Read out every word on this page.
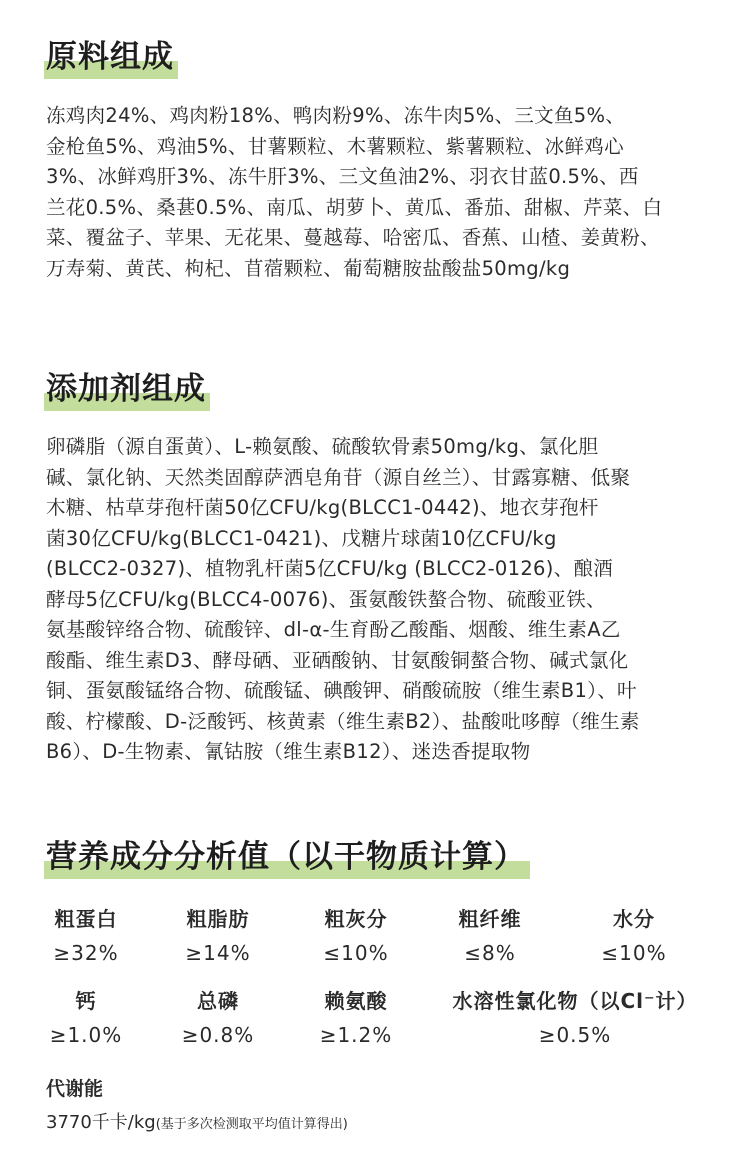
原料组成

冻鸡肉24%、鸡肉粉18%、鸭肉粉9%、冻牛肉5%、三文鱼5%、
金枪鱼5%、鸡油5%、甘薯颗粒、木薯颗粒、紫薯颗粒、冰鲜鸡心
3%、冰鲜鸡肝3%、冻牛肝3%、三文鱼油2%、羽衣甘蓝0.5%、西
兰花0.5%、桑葚0.5%、南瓜、胡萝卜、黄瓜、番茄、甜椒、芹菜、白
菜、覆盆子、苹果、无花果、蔓越莓、哈密瓜、香蕉、山楂、姜黄粉、
万寿菊、黄芪、枸杞、苜蓿颗粒、葡萄糖胺盐酸盐50mg/kg

添加剂组成

卵磷脂（源自蛋黄）、L-赖氨酸、硫酸软骨素50mg/kg、氯化胆
碱、氯化钠、天然类固醇萨洒皂角苷（源自丝兰）、甘露寡糖、低聚
木糖、枯草芽孢杆菌50亿CFU/kg(BLCC1-0442)、地衣芽孢杆
菌30亿CFU/kg(BLCC1-0421)、戊糖片球菌10亿CFU/kg
(BLCC2-0327)、植物乳杆菌5亿CFU/kg (BLCC2-0126)、酿酒
酵母5亿CFU/kg(BLCC4-0076)、蛋氨酸铁螯合物、硫酸亚铁、
氨基酸锌络合物、硫酸锌、dl-α-生育酚乙酸酯、烟酸、维生素A乙
酸酯、维生素D3、酵母硒、亚硒酸钠、甘氨酸铜螯合物、碱式氯化
铜、蛋氨酸锰络合物、硫酸锰、碘酸钾、硝酸硫胺（维生素B1）、叶
酸、柠檬酸、D-泛酸钙、核黄素（维生素B2）、盐酸吡哆醇（维生素
B6）、D-生物素、氰钴胺（维生素B12）、迷迭香提取物

营养成分分析值（以干物质计算）
粗蛋白
≥32%
粗脂肪
≥14%
粗灰分
≤10%
粗纤维
≤8%
水分
≤10%
钙
≥1.0%
总磷
≥0.8%
赖氨酸
≥1.2%
水溶性氯化物（以Cl⁻计）
≥0.5%
代谢能
3770千卡/kg(基于多次检测取平均值计算得出)
